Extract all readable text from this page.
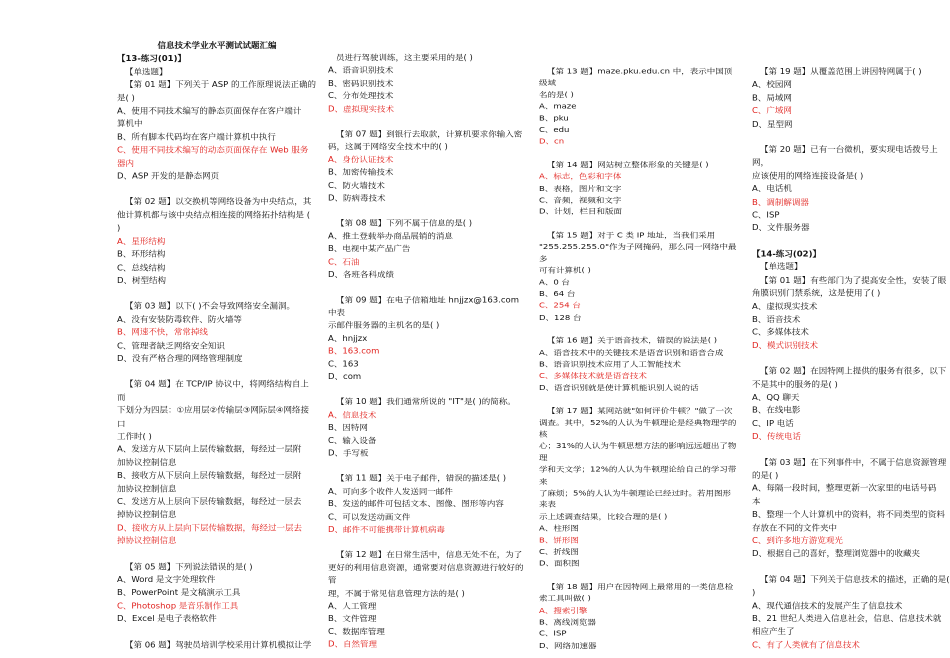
信息技术学业水平测试试题汇编
【13-练习(01)】
【单选题】

【第 01 题】下列关于 ASP 的工作原理说法正确的

是( )

A、使用不同技术编写的静态页面保存在客户端计

算机中

B、所有脚本代码均在客户端计算机中执行

C、使用不同技术编写的动态页面保存在 Web 服务

器内

D、ASP 开发的是静态网页

【第 02 题】以交换机等网络设备为中央结点，其

他计算机都与该中央结点相连接的网络拓扑结构是 (

)

A、星形结构

B、环形结构

C、总线结构

D、树型结构

【第 03 题】以下( )不会导致网络安全漏洞。

A、没有安装防毒软件、防火墙等

B、网速不快，常常掉线

C、管理者缺乏网络安全知识

D、没有严格合理的网络管理制度

【第 04 题】在 TCP/IP 协议中，将网络结构自上而

下划分为四层：①应用层②传输层③网际层④网络接口

工作时( )

A、发送方从下层向上层传输数据，每经过一层附

加协议控制信息

B、接收方从下层向上层传输数据，每经过一层附

加协议控制信息

C、发送方从上层向下层传输数据，每经过一层去

掉协议控制信息

D、接收方从上层向下层传输数据，每经过一层去

掉协议控制信息

【第 05 题】下列说法错误的是( )

A、Word 是文字处理软件

B、PowerPoint 是文稿演示工具

C、Photoshop 是音乐制作工具

D、Excel 是电子表格软件

【第 06 题】驾驶员培训学校采用计算机模拟让学

员进行驾驶训练，这主要采用的是( )

A、语音识别技术

B、密码识别技术

C、分布处理技术

D、虚拟现实技术

【第 07 题】到银行去取款，计算机要求你输入密

码，这属于网络安全技术中的( )

A、身份认证技术

B、加密传输技术

C、防火墙技术

D、防病毒技术

【第 08 题】下列不属于信息的是( )

A、推土登载举办商品展销的消息

B、电视中某产品广告

C、石油

D、各班各科成绩

【第 09 题】在电子信箱地址 hnjjzx@163.com 中表

示邮件服务器的主机名的是( )

A、hnjjzx

B、163.com

C、163

D、com

【第 10 题】我们通常所说的 "IT"是( )的简称。

A、信息技术

B、因特网

C、输入设备

D、手写板

【第 11 题】关于电子邮件，错误的描述是( )

A、可向多个收件人发送同一邮件

B、发送的邮件可包括文本、图像、图形等内容

C、可以发送动画文件

D、邮件不可能携带计算机病毒

【第 12 题】在日常生活中，信息无处不在，为了

更好的利用信息资源，通常要对信息资源进行较好的管

理，不属于常见信息管理方法的是( )

A、人工管理

B、文件管理

C、数据库管理

D、自然管理

【第 13 题】maze.pku.edu.cn 中，表示中国顶级域

名的是( )

A、maze

B、pku

C、edu

D、cn

【第 14 题】网站树立整体形象的关键是( )

A、标志，色彩和字体

B、表格，图片和文字

C、音频，视频和文字

D、计划，栏目和版面

【第 15 题】对于 C 类 IP 地址，当我们采用

"255.255.255.0"作为子网掩码，那么同一网络中最多

可有计算机( )

A、0 台

B、64 台

C、254 台

D、128 台

【第 16 题】关于语音技术，错误的说法是( )

A、语音技术中的关键技术是语音识别和语音合成

B、语音识别技术应用了人工智能技术

C、多媒体技术就是语音技术

D、语音识别就是使计算机能识别人说的话

【第 17 题】某网站就"如何评价牛顿？"做了一次

调查。其中，52%的人认为牛顿理论是经典物理学的核

心；31%的人认为牛顿思想方法的影响远远超出了物理

学和天文学；12%的人认为牛顿理论给自己的学习带来

了麻烦；5%的人认为牛顿理论已经过时。若用图形来表

示上述调查结果，比较合理的是( )

A、柱形图

B、饼形图

C、折线图

D、面积图

【第 18 题】用户在因特网上最常用的一类信息检

索工具叫做( )

A、搜索引擎

B、离线浏览器

C、ISP

D、网络加速器

【第 19 题】从覆盖范围上讲因特网属于( )

A、校园网

B、局域网

C、广域网

D、星型网

【第 20 题】已有一台微机，要实现电话拨号上网，

应该使用的网络连接设备是( )

A、电话机

B、调制解调器

C、ISP

D、文件服务器

【14-练习(02)】
【单选题】

【第 01 题】有些部门为了提高安全性，安装了眼

角膜识别门禁系统，这是使用了( )

A、虚拟现实技术

B、语音技术

C、多媒体技术

D、模式识别技术

【第 02 题】在因特网上提供的服务有很多，以下

不是其中的服务的是( )

A、QQ 聊天

B、在线电影

C、IP 电话

D、传统电话

【第 03 题】在下列事件中，不属于信息资源管理

的是( )

A、每隔一段时间，整理更新一次家里的电话号码

本

B、整理一个人计算机中的资料，将不同类型的资料

存放在不同的文件夹中

C、到许多地方游览观光

D、根据自己的喜好，整理浏览器中的收藏夹

【第 04 题】下列关于信息技术的描述，正确的是(

)

A、现代通信技术的发展产生了信息技术

B、21 世纪人类进入信息社会，信息、信息技术就

相应产生了

C、有了人类就有了信息技术
